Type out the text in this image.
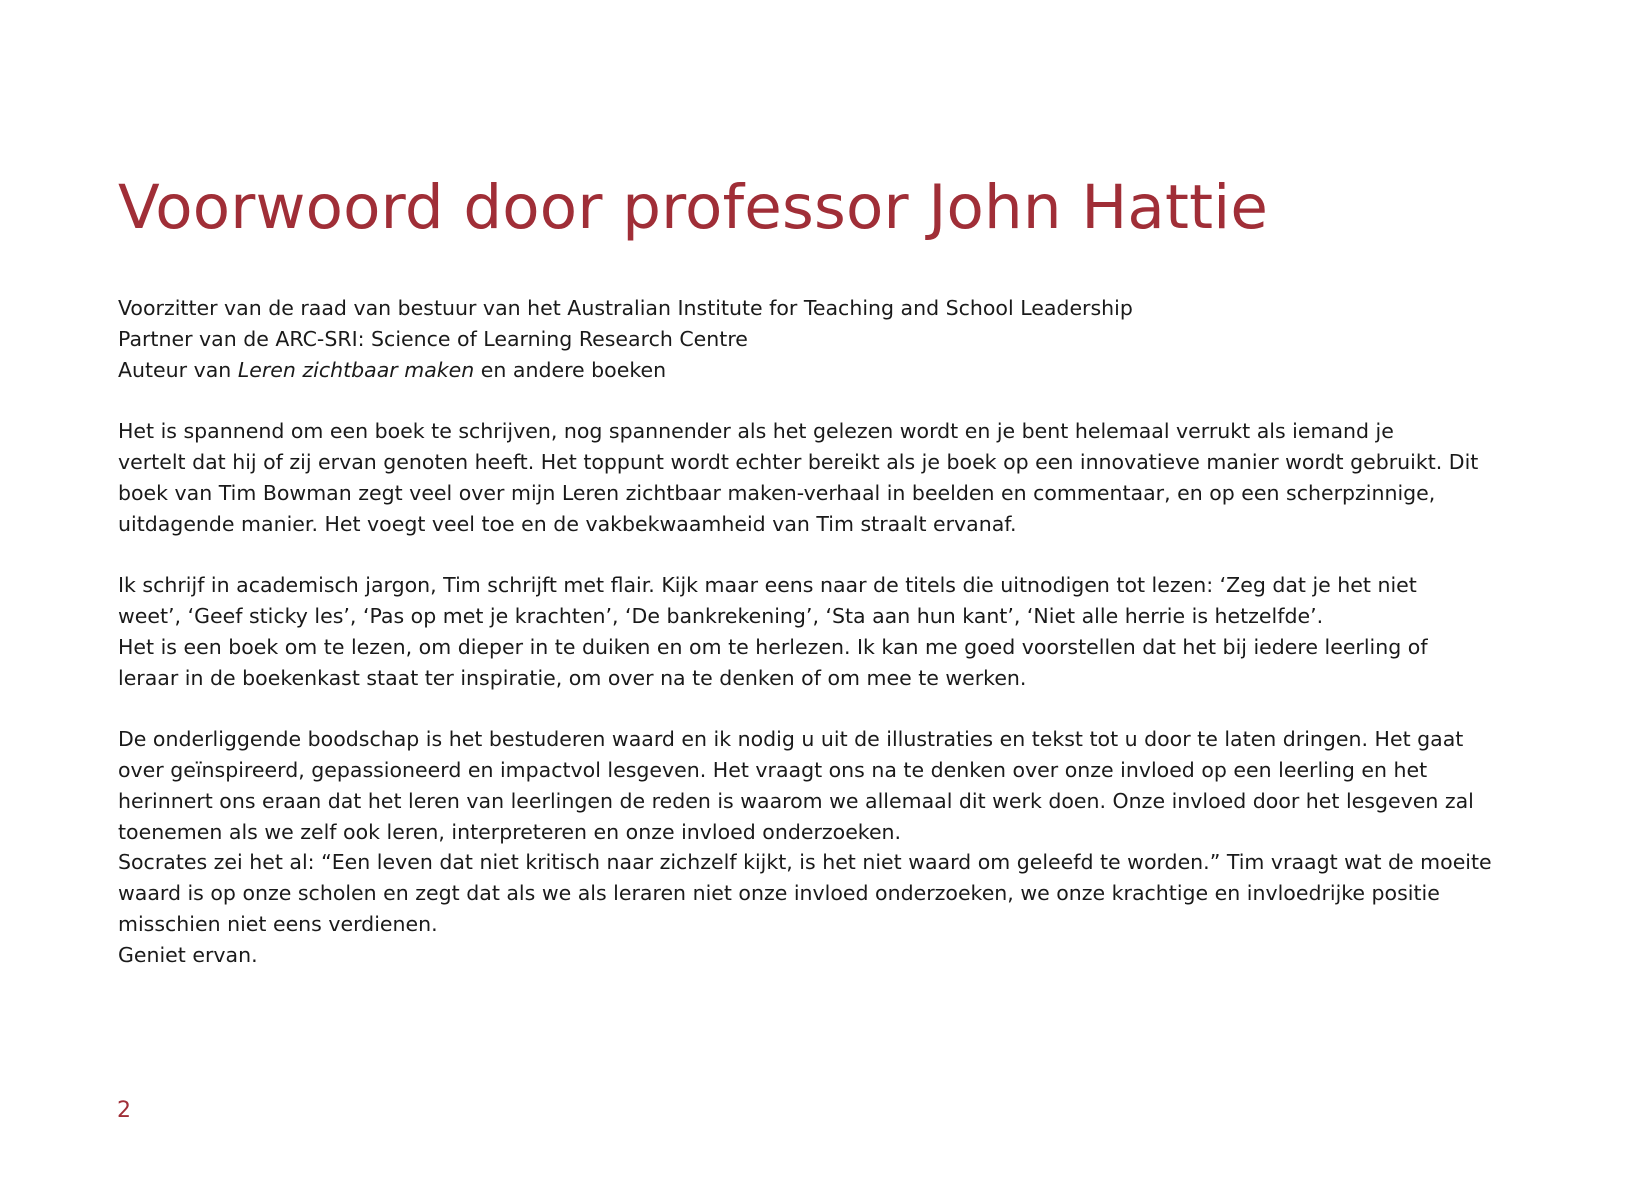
Voorwoord door professor John Hattie

Voorzitter van de raad van bestuur van het Australian Institute for Teaching and School Leadership

Partner van de ARC-SRI: Science of Learning Research Centre

Auteur van Leren zichtbaar maken en andere boeken

Het is spannend om een boek te schrijven, nog spannender als het gelezen wordt en je bent helemaal verrukt als iemand je

vertelt dat hij of zij ervan genoten heeft. Het toppunt wordt echter bereikt als je boek op een innovatieve manier wordt gebruikt. Dit

boek van Tim Bowman zegt veel over mijn Leren zichtbaar maken-verhaal in beelden en commentaar, en op een scherpzinnige,

uitdagende manier. Het voegt veel toe en de vakbekwaamheid van Tim straalt ervanaf.

Ik schrijf in academisch jargon, Tim schrijft met flair. Kijk maar eens naar de titels die uitnodigen tot lezen: ‘Zeg dat je het niet

weet’, ‘Geef sticky les’, ‘Pas op met je krachten’, ‘De bankrekening’, ‘Sta aan hun kant’, ‘Niet alle herrie is hetzelfde’.

Het is een boek om te lezen, om dieper in te duiken en om te herlezen. Ik kan me goed voorstellen dat het bij iedere leerling of

leraar in de boekenkast staat ter inspiratie, om over na te denken of om mee te werken.

De onderliggende boodschap is het bestuderen waard en ik nodig u uit de illustraties en tekst tot u door te laten dringen. Het gaat

over geïnspireerd, gepassioneerd en impactvol lesgeven. Het vraagt ons na te denken over onze invloed op een leerling en het

herinnert ons eraan dat het leren van leerlingen de reden is waarom we allemaal dit werk doen. Onze invloed door het lesgeven zal

toenemen als we zelf ook leren, interpreteren en onze invloed onderzoeken.

Socrates zei het al: “Een leven dat niet kritisch naar zichzelf kijkt, is het niet waard om geleefd te worden.” Tim vraagt wat de moeite

waard is op onze scholen en zegt dat als we als leraren niet onze invloed onderzoeken, we onze krachtige en invloedrijke positie

misschien niet eens verdienen.

Geniet ervan.

2
